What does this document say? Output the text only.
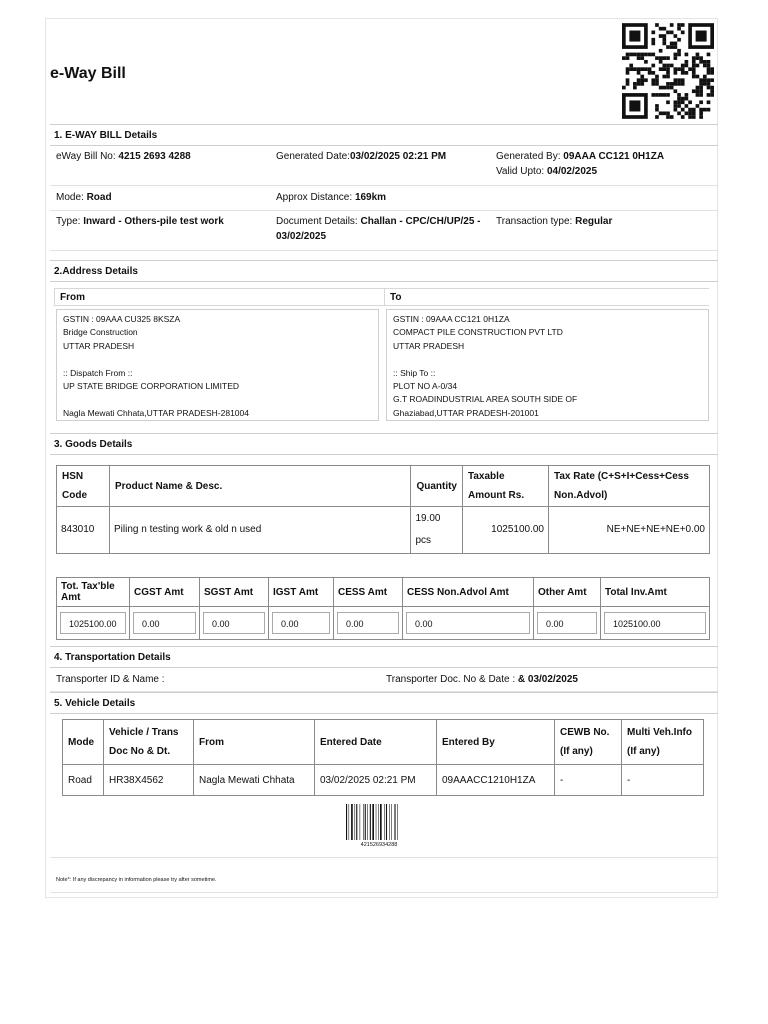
e-Way Bill
1. E-WAY BILL Details
eWay Bill No: 4215 2693 4288	Generated Date:03/02/2025 02:21 PM	Generated By: 09AAA CC121 0H1ZA
Valid Upto: 04/02/2025
Mode: Road	Approx Distance: 169km
Type: Inward - Others-pile test work	Document Details: Challan - CPC/CH/UP/25 - 03/02/2025
Transaction type: Regular
2.Address Details
From	To
GSTIN : 09AAA CU325 8KSZA
Bridge Construction
UTTAR PRADESH
:: Dispatch From ::
UP STATE BRIDGE CORPORATION LIMITED
Nagla Mewati Chhata,UTTAR PRADESH-281004
GSTIN : 09AAA CC121 0H1ZA
COMPACT PILE CONSTRUCTION PVT LTD
UTTAR PRADESH
:: Ship To ::
PLOT NO A-0/34
G.T ROADINDUSTRIAL AREA SOUTH SIDE OF
Ghaziabad,UTTAR PRADESH-201001
3. Goods Details
HSN Code	Product Name & Desc.	Quantity	Taxable Amount Rs.	Tax Rate (C+S+I+Cess+Cess Non.Advol)
843010	Piling n testing work & old n used	19.00 pcs	1025100.00	NE+NE+NE+NE+0.00
Tot. Tax'ble Amt	CGST Amt	SGST Amt	IGST Amt	CESS Amt	CESS Non.Advol Amt	Other Amt	Total Inv.Amt

1025100.00	0.00	0.00	0.00	0.00	0.00	0.00	1025100.00
4. Transportation Details
Transporter ID & Name :	Transporter Doc. No & Date : & 03/02/2025
5. Vehicle Details
Mode	Vehicle / Trans Doc No & Dt.	From	Entered Date	Entered By	CEWB No. (If any)	Multi Veh.Info (If any)
Road	HR38X4562	Nagla Mewati Chhata	03/02/2025 02:21 PM	09AAACC1210H1ZA	-	-
421526934288
Note*: If any discrepancy in information please try after sometime.
